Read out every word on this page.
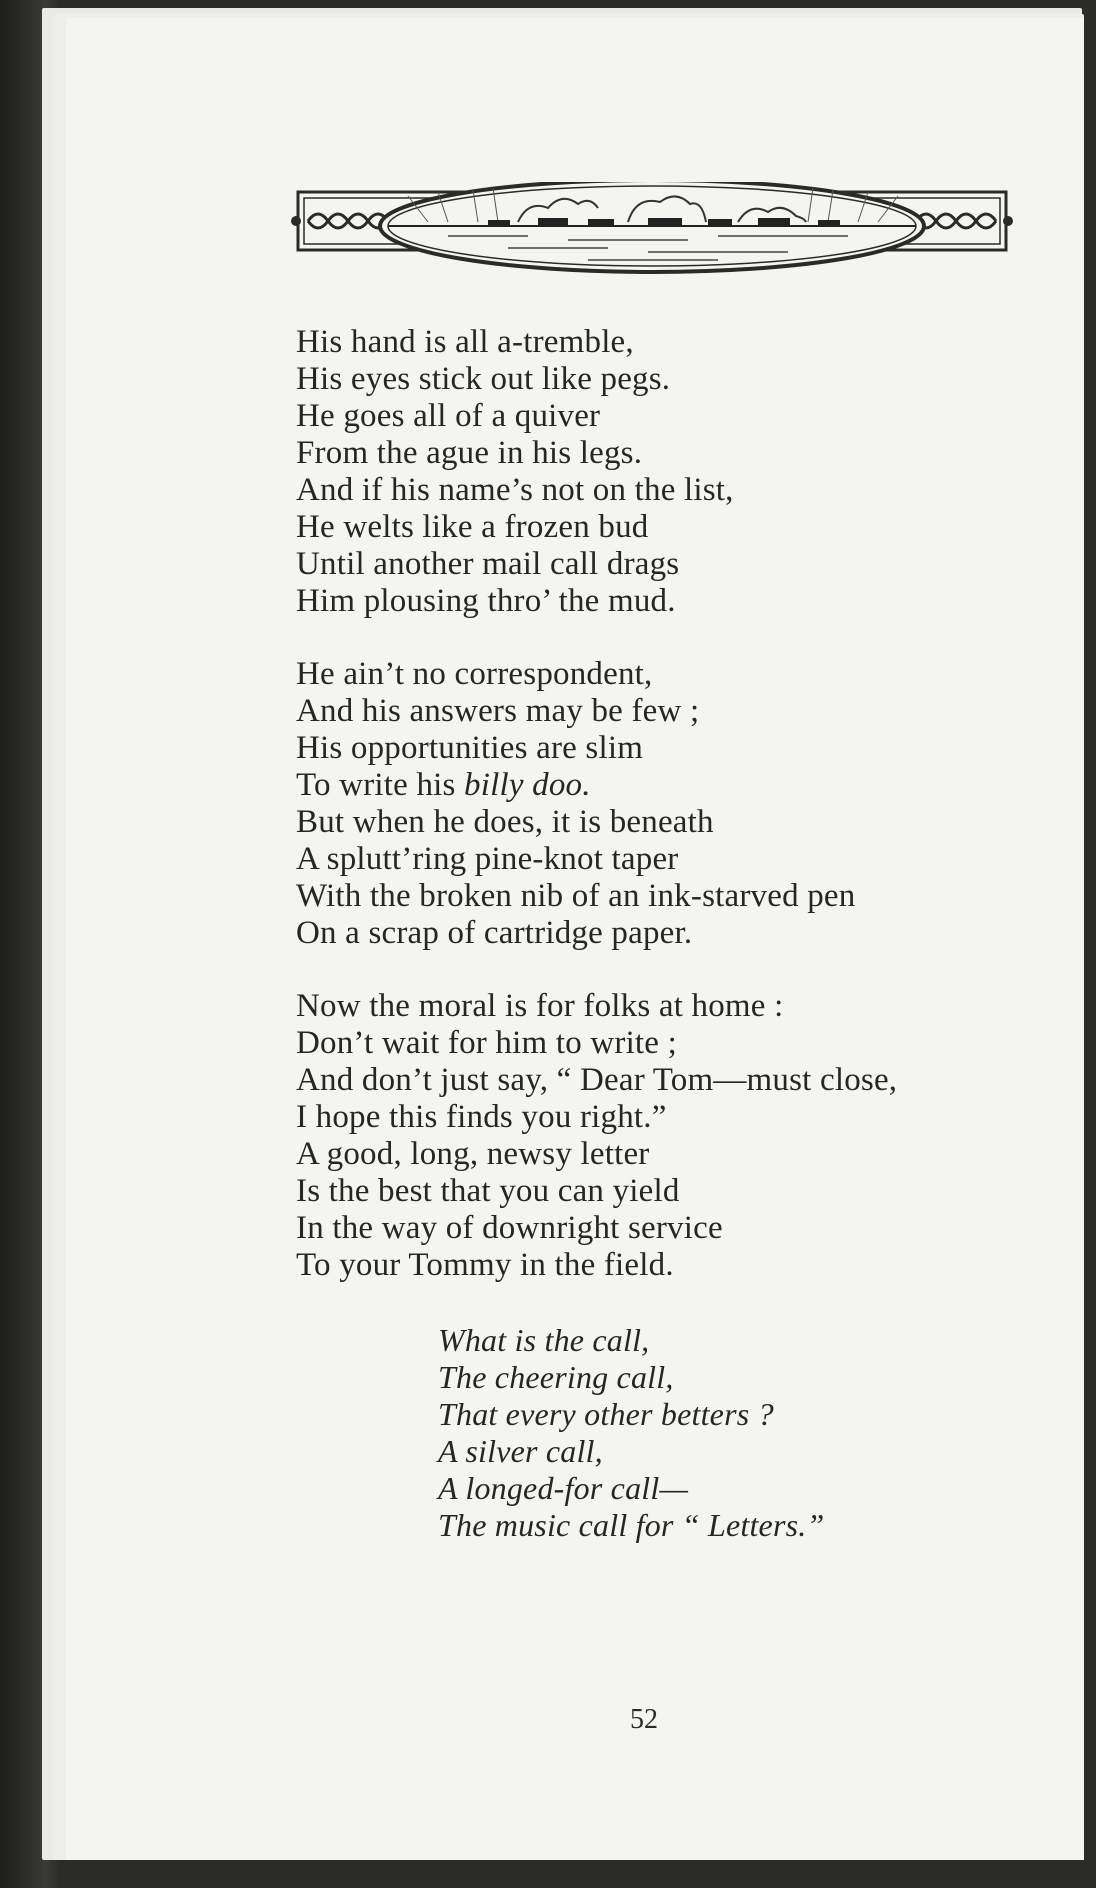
His hand is all a-tremble,
His eyes stick out like pegs.
He goes all of a quiver
From the ague in his legs.
And if his name’s not on the list,
He welts like a frozen bud
Until another mail call drags
Him plousing thro’ the mud.
He ain’t no correspondent,
And his answers may be few ;
His opportunities are slim
To write his billy doo.
But when he does, it is beneath
A splutt’ring pine-knot taper
With the broken nib of an ink-starved pen
On a scrap of cartridge paper.
Now the moral is for folks at home :
Don’t wait for him to write ;
And don’t just say, “ Dear Tom—must close,
I hope this finds you right.”
A good, long, newsy letter
Is the best that you can yield
In the way of downright service
To your Tommy in the field.
What is the call,
The cheering call,
That every other betters ?
A silver call,
A longed-for call—
The music call for “ Letters.”
52
